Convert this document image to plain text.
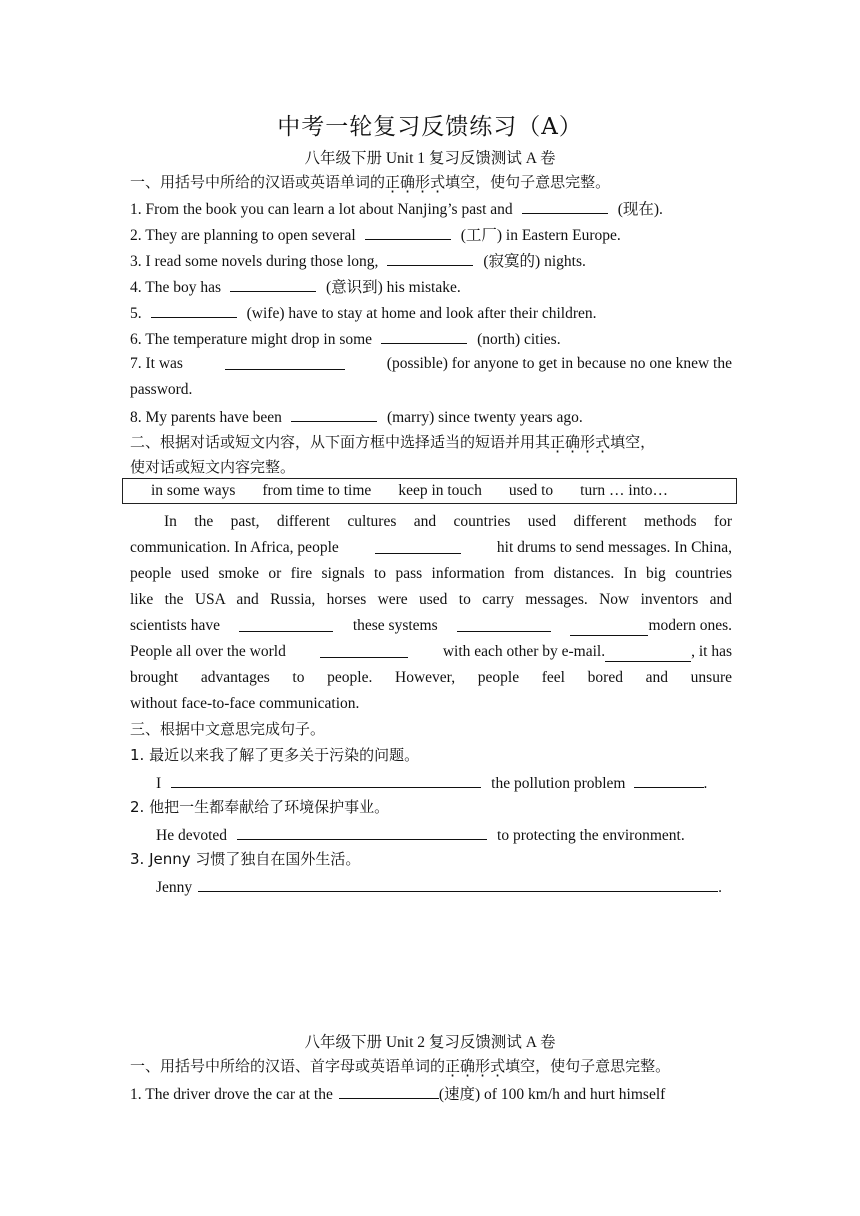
中考一轮复习反馈练习（A）
八年级下册 Unit 1 复习反馈测试 A 卷
一、用括号中所给的汉语或英语单词的正确形式填空，使句子意思完整。
1. From the book you can learn a lot about Nanjing’s past and	(现在).
2. They are planning to open several	(工厂) in Eastern Europe.
3. I read some novels during those long,	(寂寞的) nights.
4. The boy has	(意识到) his mistake.
5.	(wife) have to stay at home and look after their children.
6. The temperature might drop in some	(north) cities.
7. It was	(possible) for anyone to get in because no one knew the
password.
8. My parents have been	(marry) since twenty years ago.
二、根据对话或短文内容，从下面方框中选择适当的短语并用其正确形式填空，
使对话或短文内容完整。
in some ways from time to time keep in touch used to turn … into…
In the past, different cultures and countries used different methods for
communication. In Africa, people	hit drums to send messages. In China,
people used smoke or fire signals to pass information from distances. In big countries
like the USA and Russia, horses were used to carry messages. Now inventors and
scientists have	these systems	modern ones.
People all over the world	with each other by e-mail.	, it has
brought advantages to people. However, people feel bored and unsure
without face-to-face communication.
三、根据中文意思完成句子。
1. 最近以来我了解了更多关于污染的问题。
I	the pollution problem	.
2. 他把一生都奉献给了环境保护事业。
He devoted	to protecting the environment.
3. Jenny 习惯了独自在国外生活。
Jenny	.
八年级下册 Unit 2 复习反馈测试 A 卷
一、用括号中所给的汉语、首字母或英语单词的正确形式填空，使句子意思完整。
1. The driver drove the car at the	(速度) of 100 km/h and hurt himself
